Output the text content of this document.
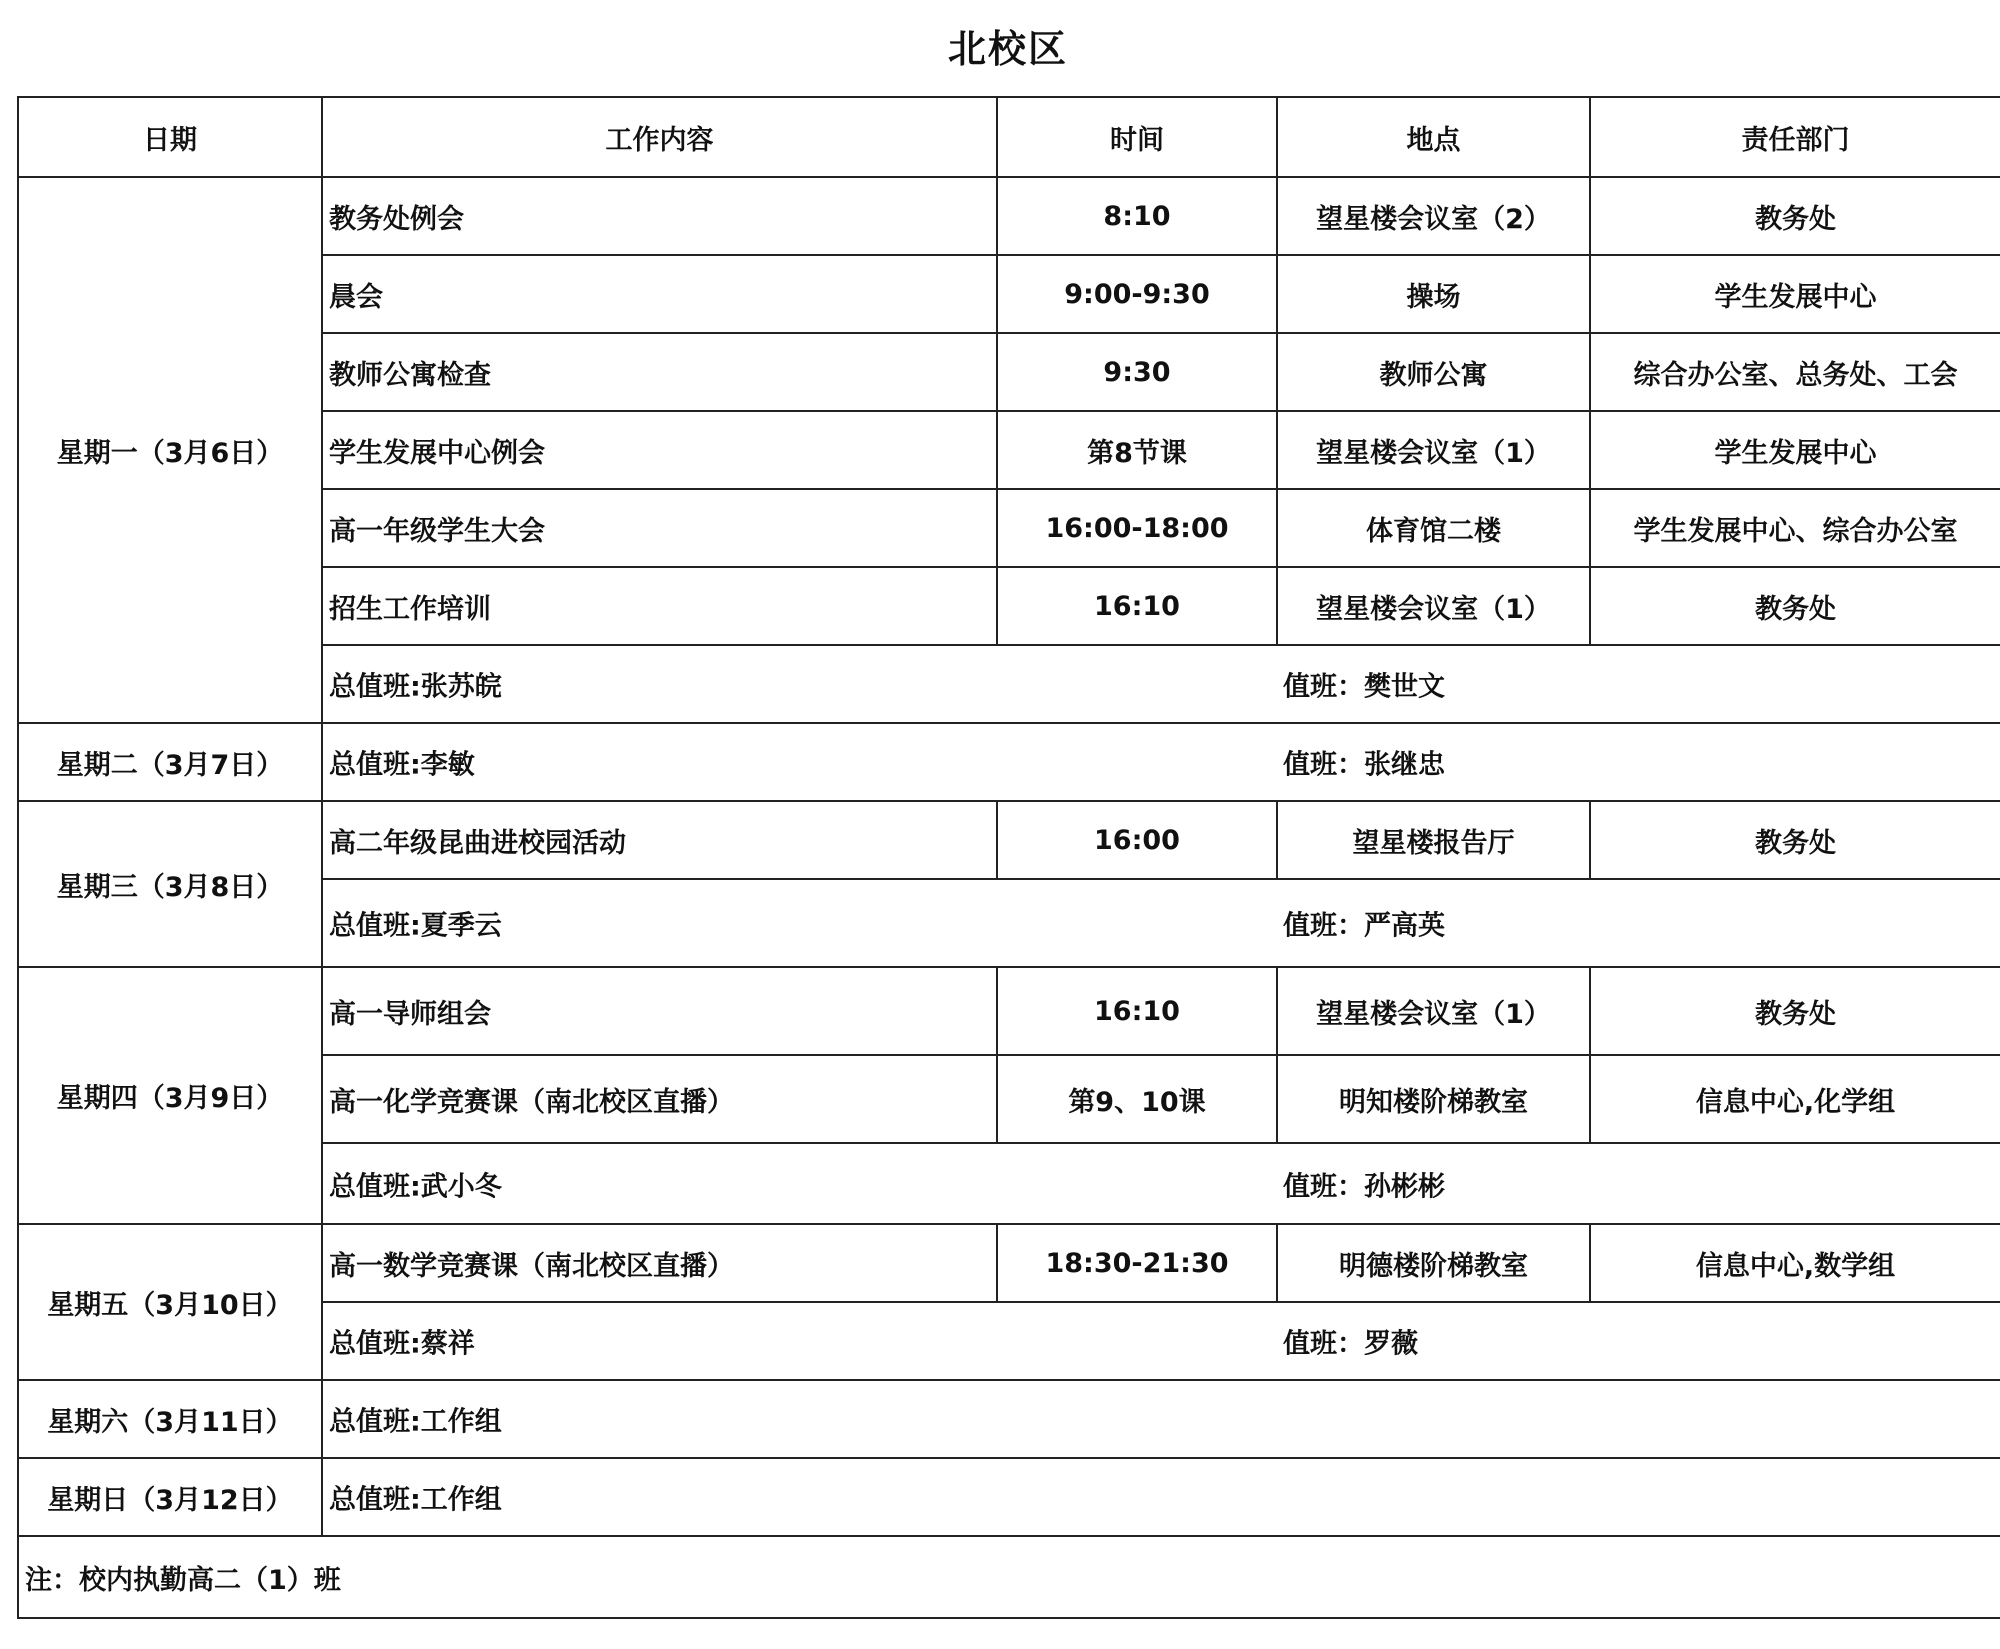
北校区
日期	工作内容	时间	地点	责任部门
星期一（3月6日）	教务处例会	8:10	望星楼会议室（2）	教务处
	晨会	9:00-9:30	操场	学生发展中心
	教师公寓检查	9:30	教师公寓	综合办公室、总务处、工会
	学生发展中心例会	第8节课	望星楼会议室（1）	学生发展中心
	高一年级学生大会	16:00-18:00	体育馆二楼	学生发展中心、综合办公室
	招生工作培训	16:10	望星楼会议室（1）	教务处

	总值班:张苏皖 值班：樊世文			

星期二（3月7日）	总值班:李敏 值班：张继忠			

星期三（3月8日）	高二年级昆曲进校园活动	16:00	望星楼报告厅	教务处

	总值班:夏季云 值班：严高英			

星期四（3月9日）	高一导师组会	16:10	望星楼会议室（1）	教务处
	高一化学竞赛课（南北校区直播）	第9、10课	明知楼阶梯教室	信息中心,化学组

	总值班:武小冬 值班：孙彬彬			

星期五（3月10日）	高一数学竞赛课（南北校区直播）	18:30-21:30	明德楼阶梯教室	信息中心,数学组

	总值班:蔡祥 值班：罗薇			

星期六（3月11日）	总值班:工作组			

星期日（3月12日）	总值班:工作组			

注：校内执勤高二（1）班				
